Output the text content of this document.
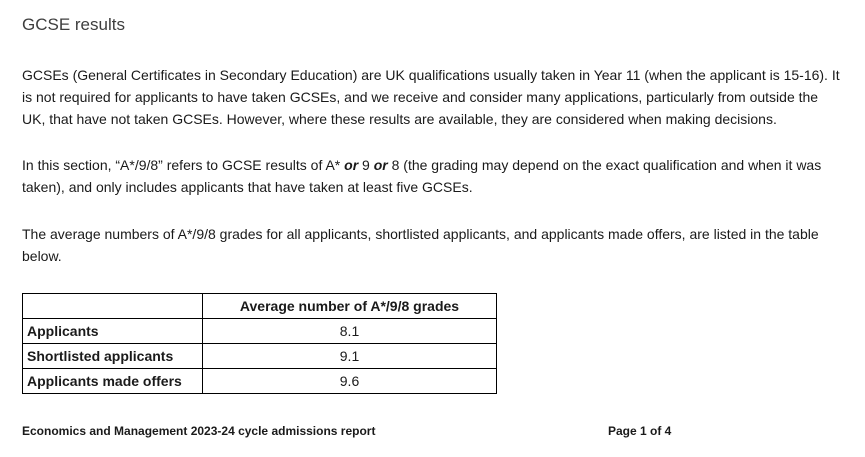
GCSE results

GCSEs (General Certificates in Secondary Education) are UK qualifications usually taken in Year 11 (when the applicant is 15-16). It is not required for applicants to have taken GCSEs, and we receive and consider many applications, particularly from outside the UK, that have not taken GCSEs. However, where these results are available, they are considered when making decisions.

In this section, “A*/9/8” refers to GCSE results of A* or 9 or 8 (the grading may depend on the exact qualification and when it was taken), and only includes applicants that have taken at least five GCSEs.

The average numbers of A*/9/8 grades for all applicants, shortlisted applicants, and applicants made offers, are listed in the table below.

	Average number of A*/9/8 grades
Applicants	8.1
Shortlisted applicants	9.1
Applicants made offers	9.6
Economics and Management 2023-24 cycle admissions report	Page 1 of 4
